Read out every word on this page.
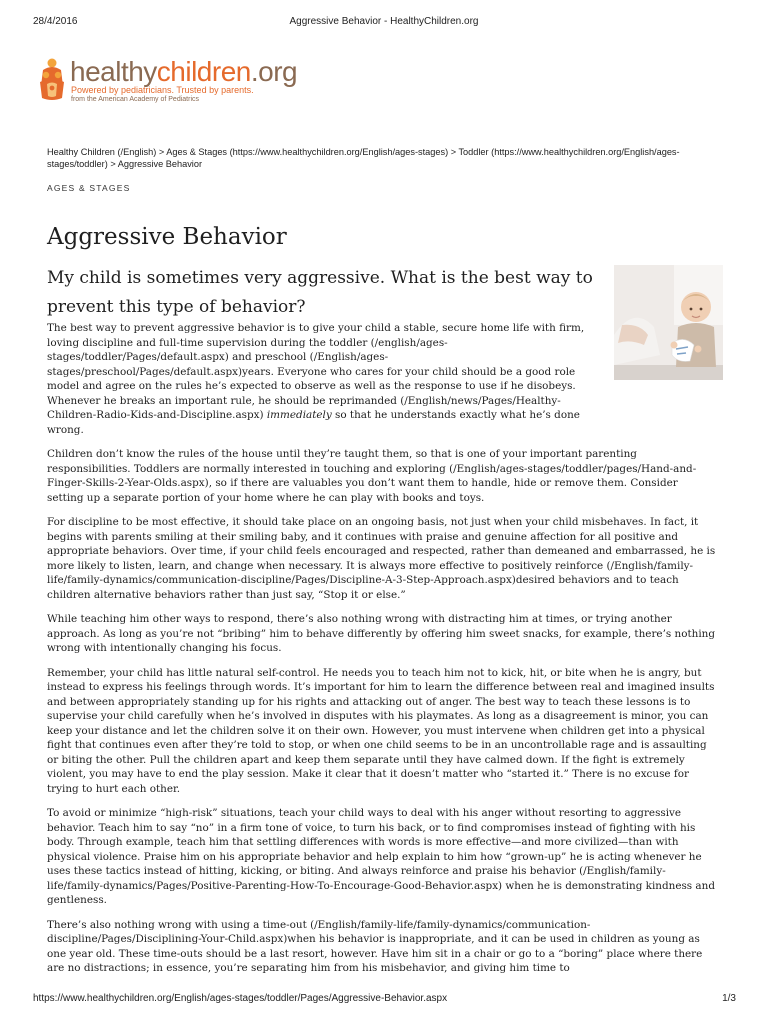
28/4/2016	Aggressive Behavior - HealthyChildren.org
healthychildren.org
Powered by pediatricians. Trusted by parents.
from the American Academy of Pediatrics
Healthy Children (/English) > Ages & Stages (https://www.healthychildren.org/English/ages-stages) > Toddler (https://www.healthychildren.org/English/ages-stages/toddler) > Aggressive Behavior
AGES & STAGES
Aggressive Behavior
My child is sometimes very aggressive. What is the best way to prevent this type of behavior?

The best way to prevent aggressive behavior is to give your child a stable, secure home life with firm, loving discipline and full-time supervision during the toddler (/english/ages-stages/toddler/Pages/default.aspx) and preschool (/English/ages-stages/preschool/Pages/default.aspx)years. Everyone who cares for your child should be a good role model and agree on the rules he’s expected to observe as well as the response to use if he disobeys. Whenever he breaks an important rule, he should be reprimanded (/English/news/Pages/Healthy-Children-Radio-Kids-and-Discipline.aspx) immediately so that he understands exactly what he’s done wrong.

Children don’t know the rules of the house until they’re taught them, so that is one of your important parenting responsibilities. Toddlers are normally interested in touching and exploring (/English/ages-stages/toddler/pages/Hand-and-Finger-Skills-2-Year-Olds.aspx), so if there are valuables you don’t want them to handle, hide or remove them. Consider setting up a separate portion of your home where he can play with books and toys.

For discipline to be most effective, it should take place on an ongoing basis, not just when your child misbehaves. In fact, it begins with parents smiling at their smiling baby, and it continues with praise and genuine affection for all positive and appropriate behaviors. Over time, if your child feels encouraged and respected, rather than demeaned and embarrassed, he is more likely to listen, learn, and change when necessary. It is always more effective to positively reinforce (/English/family-life/family-dynamics/communication-discipline/Pages/Discipline-A-3-Step-Approach.aspx)desired behaviors and to teach children alternative behaviors rather than just say, “Stop it or else.”

While teaching him other ways to respond, there’s also nothing wrong with distracting him at times, or trying another approach. As long as you’re not “bribing” him to behave differently by offering him sweet snacks, for example, there’s nothing wrong with intentionally changing his focus.

Remember, your child has little natural self-control. He needs you to teach him not to kick, hit, or bite when he is angry, but instead to express his feelings through words. It’s important for him to learn the difference between real and imagined insults and between appropriately standing up for his rights and attacking out of anger. The best way to teach these lessons is to supervise your child carefully when he’s involved in disputes with his playmates. As long as a disagreement is minor, you can keep your distance and let the children solve it on their own. However, you must intervene when children get into a physical fight that continues even after they’re told to stop, or when one child seems to be in an uncontrollable rage and is assaulting or biting the other. Pull the children apart and keep them separate until they have calmed down. If the fight is extremely violent, you may have to end the play session. Make it clear that it doesn’t matter who “started it.” There is no excuse for trying to hurt each other.

To avoid or minimize “high-risk” situations, teach your child ways to deal with his anger without resorting to aggressive behavior. Teach him to say “no” in a firm tone of voice, to turn his back, or to find compromises instead of fighting with his body. Through example, teach him that settling differences with words is more effective—and more civilized—than with physical violence. Praise him on his appropriate behavior and help explain to him how “grown-up” he is acting whenever he uses these tactics instead of hitting, kicking, or biting. And always reinforce and praise his behavior (/English/family-life/family-dynamics/Pages/Positive-Parenting-How-To-Encourage-Good-Behavior.aspx) when he is demonstrating kindness and gentleness.

There’s also nothing wrong with using a time-out (/English/family-life/family-dynamics/communication-discipline/Pages/Disciplining-Your-Child.aspx)when his behavior is inappropriate, and it can be used in children as young as one year old. These time-outs should be a last resort, however. Have him sit in a chair or go to a “boring” place where there are no distractions; in essence, you’re separating him from his misbehavior, and giving him time to

https://www.healthychildren.org/English/ages-stages/toddler/Pages/Aggressive-Behavior.aspx	1/3
